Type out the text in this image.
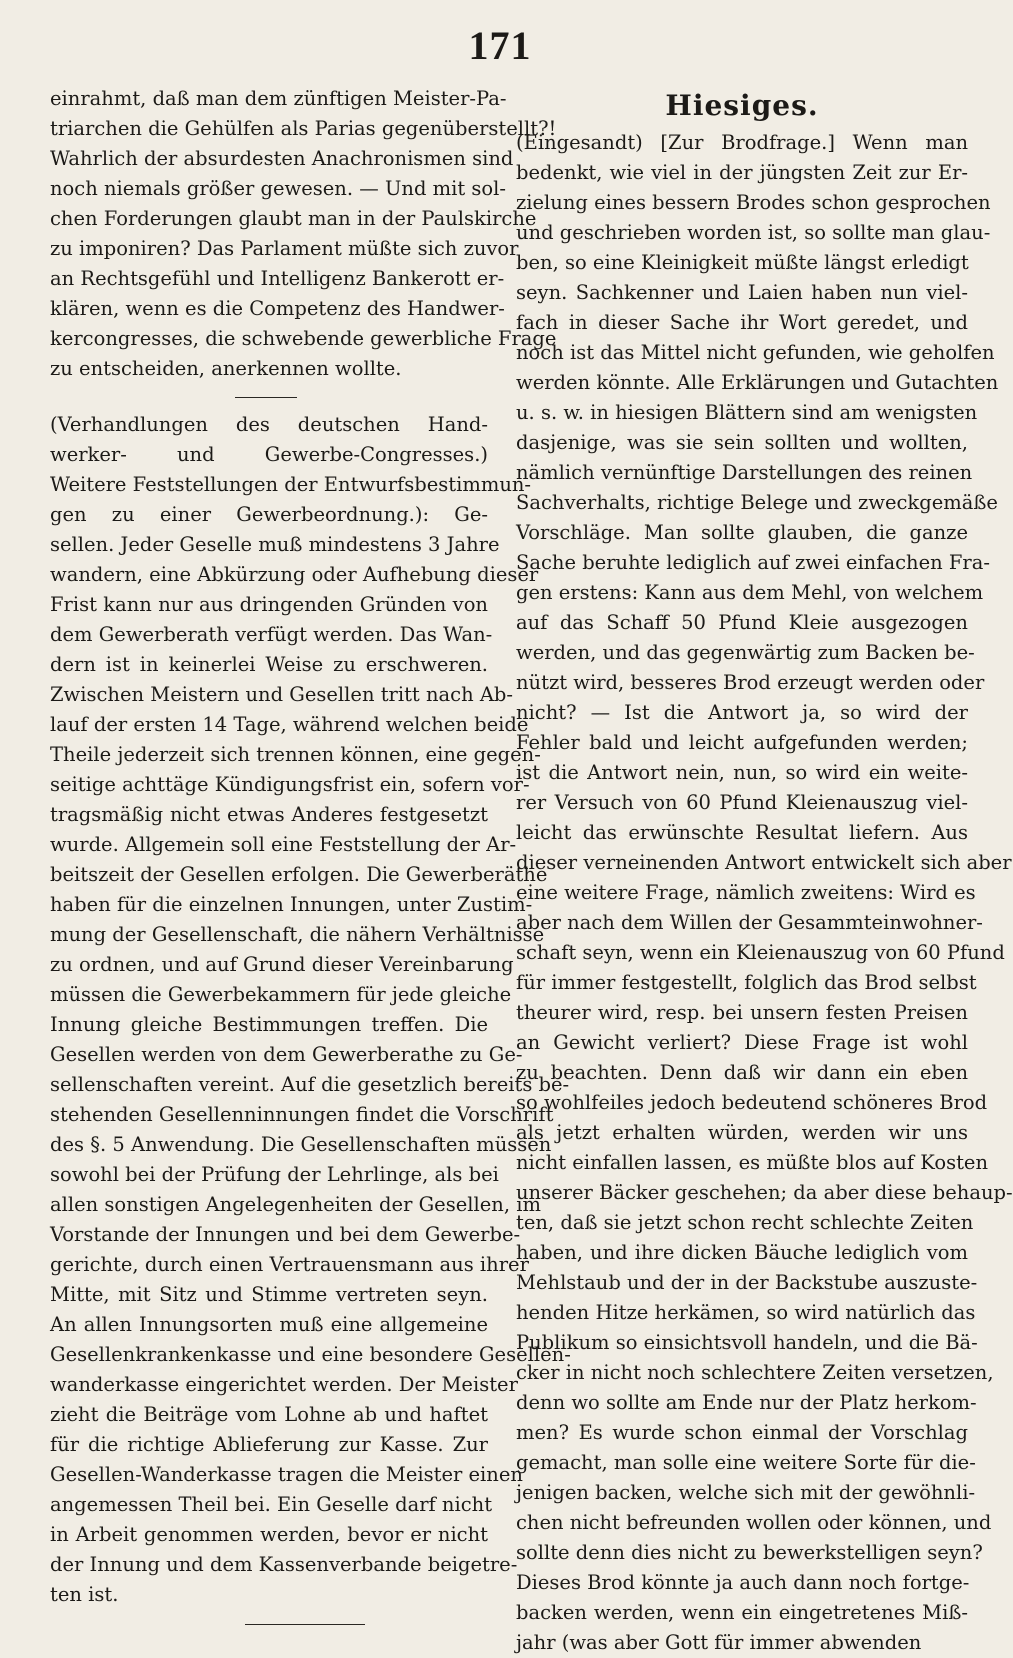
171
einrahmt, daß man dem zünftigen Meister-Pa-
triarchen die Gehülfen als Parias gegenüberstellt?!
Wahrlich der absurdesten Anachronismen sind
noch niemals größer gewesen. — Und mit sol-
chen Forderungen glaubt man in der Paulskirche
zu imponiren? Das Parlament müßte sich zuvor
an Rechtsgefühl und Intelligenz Bankerott er-
klären, wenn es die Competenz des Handwer-
kercongresses, die schwebende gewerbliche Frage
zu entscheiden, anerkennen wollte.
(Verhandlungen des deutschen Hand-
werker- und Gewerbe-Congresses.)
Weitere Feststellungen der Entwurfsbestimmun-
gen zu einer Gewerbeordnung.): Ge-
sellen. Jeder Geselle muß mindestens 3 Jahre
wandern, eine Abkürzung oder Aufhebung dieser
Frist kann nur aus dringenden Gründen von
dem Gewerberath verfügt werden. Das Wan-
dern ist in keinerlei Weise zu erschweren.
Zwischen Meistern und Gesellen tritt nach Ab-
lauf der ersten 14 Tage, während welchen beide
Theile jederzeit sich trennen können, eine gegen-
seitige achttäge Kündigungsfrist ein, sofern vor-
tragsmäßig nicht etwas Anderes festgesetzt
wurde. Allgemein soll eine Feststellung der Ar-
beitszeit der Gesellen erfolgen. Die Gewerberäthe
haben für die einzelnen Innungen, unter Zustim-
mung der Gesellenschaft, die nähern Verhältnisse
zu ordnen, und auf Grund dieser Vereinbarung
müssen die Gewerbekammern für jede gleiche
Innung gleiche Bestimmungen treffen. Die
Gesellen werden von dem Gewerberathe zu Ge-
sellenschaften vereint. Auf die gesetzlich bereits be-
stehenden Gesellenninnungen findet die Vorschrift
des §. 5 Anwendung. Die Gesellenschaften müssen
sowohl bei der Prüfung der Lehrlinge, als bei
allen sonstigen Angelegenheiten der Gesellen, im
Vorstande der Innungen und bei dem Gewerbe-
gerichte, durch einen Vertrauensmann aus ihrer
Mitte, mit Sitz und Stimme vertreten seyn.
An allen Innungsorten muß eine allgemeine
Gesellenkrankenkasse und eine besondere Gesellen-
wanderkasse eingerichtet werden. Der Meister
zieht die Beiträge vom Lohne ab und haftet
für die richtige Ablieferung zur Kasse. Zur
Gesellen-Wanderkasse tragen die Meister einen
angemessen Theil bei. Ein Geselle darf nicht
in Arbeit genommen werden, bevor er nicht
der Innung und dem Kassenverbande beigetre-
ten ist.
Hiesiges.
(Eingesandt) [Zur Brodfrage.] Wenn man
bedenkt, wie viel in der jüngsten Zeit zur Er-
zielung eines bessern Brodes schon gesprochen
und geschrieben worden ist, so sollte man glau-
ben, so eine Kleinigkeit müßte längst erledigt
seyn. Sachkenner und Laien haben nun viel-
fach in dieser Sache ihr Wort geredet, und
noch ist das Mittel nicht gefunden, wie geholfen
werden könnte. Alle Erklärungen und Gutachten
u. s. w. in hiesigen Blättern sind am wenigsten
dasjenige, was sie sein sollten und wollten,
nämlich vernünftige Darstellungen des reinen
Sachverhalts, richtige Belege und zweckgemäße
Vorschläge. Man sollte glauben, die ganze
Sache beruhte lediglich auf zwei einfachen Fra-
gen erstens: Kann aus dem Mehl, von welchem
auf das Schaff 50 Pfund Kleie ausgezogen
werden, und das gegenwärtig zum Backen be-
nützt wird, besseres Brod erzeugt werden oder
nicht? — Ist die Antwort ja, so wird der
Fehler bald und leicht aufgefunden werden;
ist die Antwort nein, nun, so wird ein weite-
rer Versuch von 60 Pfund Kleienauszug viel-
leicht das erwünschte Resultat liefern. Aus
dieser verneinenden Antwort entwickelt sich aber
eine weitere Frage, nämlich zweitens: Wird es
aber nach dem Willen der Gesammteinwohner-
schaft seyn, wenn ein Kleienauszug von 60 Pfund
für immer festgestellt, folglich das Brod selbst
theurer wird, resp. bei unsern festen Preisen
an Gewicht verliert? Diese Frage ist wohl
zu beachten. Denn daß wir dann ein eben
so wohlfeiles jedoch bedeutend schöneres Brod
als jetzt erhalten würden, werden wir uns
nicht einfallen lassen, es müßte blos auf Kosten
unserer Bäcker geschehen; da aber diese behaup-
ten, daß sie jetzt schon recht schlechte Zeiten
haben, und ihre dicken Bäuche lediglich vom
Mehlstaub und der in der Backstube auszuste-
henden Hitze herkämen, so wird natürlich das
Publikum so einsichtsvoll handeln, und die Bä-
cker in nicht noch schlechtere Zeiten versetzen,
denn wo sollte am Ende nur der Platz herkom-
men? Es wurde schon einmal der Vorschlag
gemacht, man solle eine weitere Sorte für die-
jenigen backen, welche sich mit der gewöhnli-
chen nicht befreunden wollen oder können, und
sollte denn dies nicht zu bewerkstelligen seyn?
Dieses Brod könnte ja auch dann noch fortge-
backen werden, wenn ein eingetretenes Miß-
jahr (was aber Gott für immer abwenden
